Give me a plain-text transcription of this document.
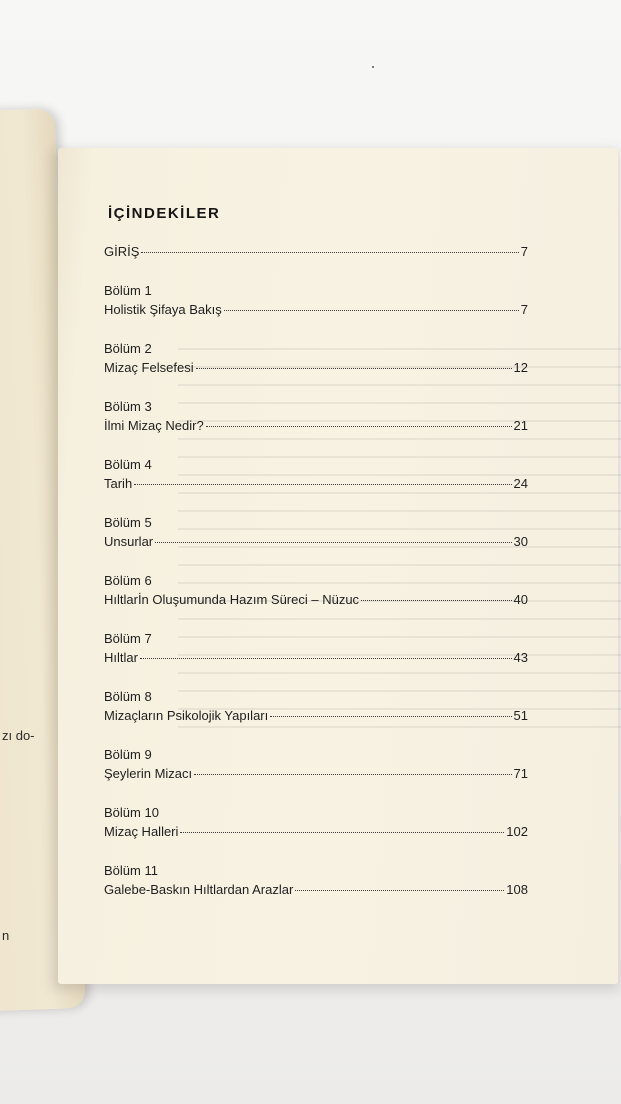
zı do-
n
İÇİNDEKİLER
GİRİŞ	7
Bölüm 1
Holistik Şifaya Bakış	7
Bölüm 2
Mizaç Felsefesi	12
Bölüm 3
İlmi Mizaç Nedir?	21
Bölüm 4
Tarih	24
Bölüm 5
Unsurlar	30
Bölüm 6
Hıltlarİn Oluşumunda Hazım Süreci – Nüzuc	40
Bölüm 7
Hıltlar	43
Bölüm 8
Mizaçların Psikolojik Yapıları	51
Bölüm 9
Şeylerin Mizacı	71
Bölüm 10
Mizaç Halleri	102
Bölüm 11
Galebe-Baskın Hıltlardan Arazlar	108
